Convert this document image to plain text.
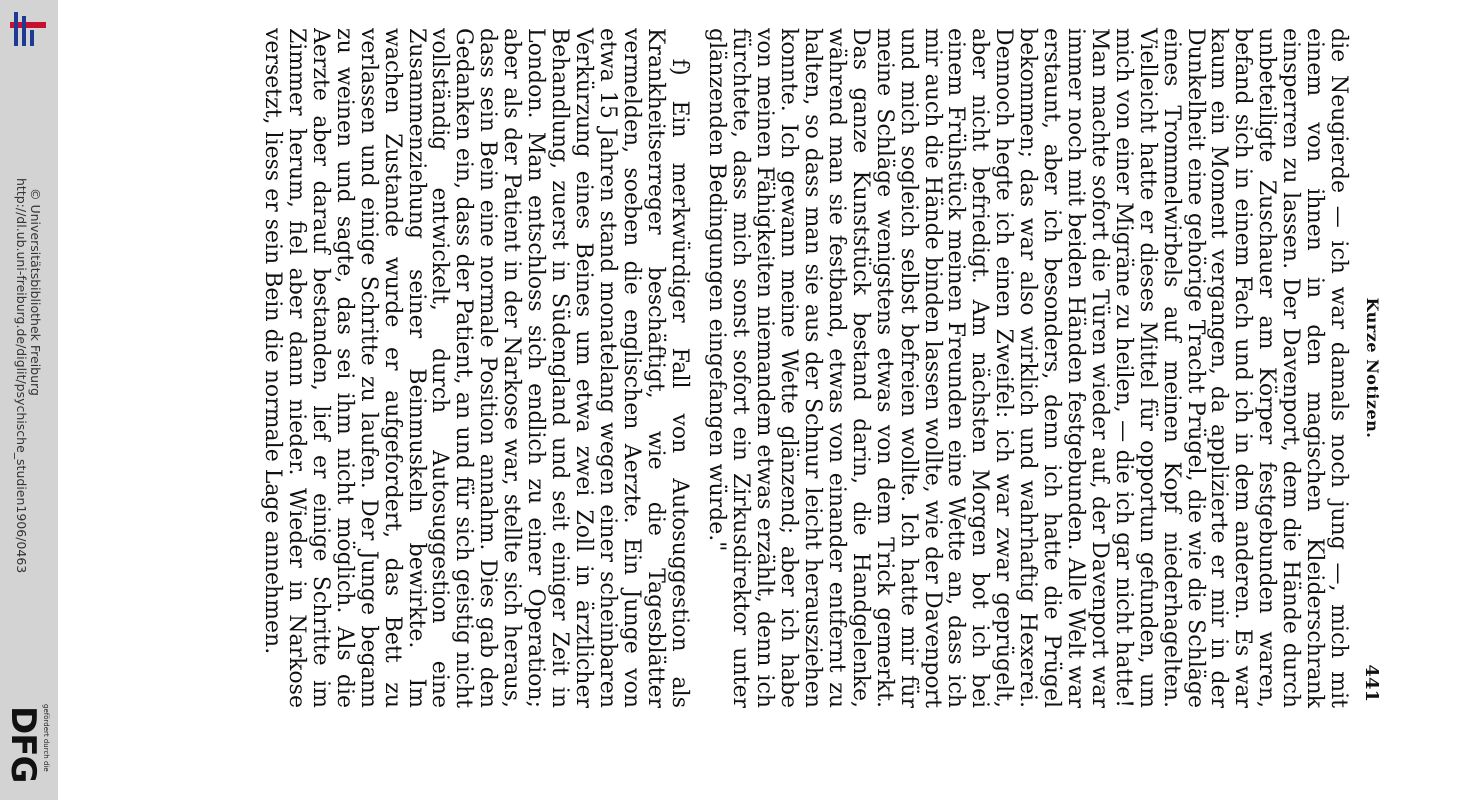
http://dl.ub.uni-freiburg.de/diglit/psychische_studien1906/0463 © Universitätsbibliothek Freiburg
gefördert durch die
DFG
Kurze Notizen.
441

die Neugierde — ich war damals noch jung —, mich mit einem von ihnen in den magischen Kleiderschrank einsperren zu lassen. Der Davenport, dem die Hände durch unbeteiligte Zuschauer am Körper festgebunden waren, befand sich in einem Fach und ich in dem anderen. Es war kaum ein Moment vergangen, da applizierte er mir in der Dunkelheit eine gehörige Tracht Prügel, die wie die Schläge eines Trommelwirbels auf meinen Kopf niederhagelten. Vielleicht hatte er dieses Mittel für opportun gefunden, um mich von einer Migräne zu heilen, — die ich gar nicht hatte! Man machte sofort die Türen wieder auf, der Davenport war immer noch mit beiden Händen festgebunden. Alle Welt war erstaunt, aber ich besonders, denn ich hatte die Prügel bekommen; das war also wirklich und wahrhaftig Hexerei. Dennoch hegte ich einen Zweifel: ich war zwar geprügelt, aber nicht befriedigt. Am nächsten Morgen bot ich bei einem Frühstück meinen Freunden eine Wette an, dass ich mir auch die Hände binden lassen wollte, wie der Davenport und mich sogleich selbst befreien wollte. Ich hatte mir für meine Schläge wenigstens etwas von dem Trick gemerkt. Das ganze Kunststück bestand darin, die Handgelenke, während man sie festband, etwas von einander entfernt zu halten, so dass man sie aus der Schnur leicht herausziehen konnte. Ich gewann meine Wette glänzend; aber ich habe von meinen Fähigkeiten niemandem etwas erzählt, denn ich fürchtete, dass mich sonst sofort ein Zirkusdirektor unter glänzenden Bedingungen eingefangen würde."

f) Ein merkwürdiger Fall von Autosuggestion als Krankheitserreger beschäftigt, wie die Tagesblätter vermelden, soeben die englischen Aerzte. Ein Junge von etwa 15 Jahren stand monatelang wegen einer scheinbaren Verkürzung eines Beines um etwa zwei Zoll in ärztlicher Behandlung, zuerst in Südengland und seit einiger Zeit in London. Man entschloss sich endlich zu einer Operation; aber als der Patient in der Narkose war, stellte sich heraus, dass sein Bein eine normale Position annahm. Dies gab den Gedanken ein, dass der Patient, an und für sich geistig nicht vollständig entwickelt, durch Autosuggestion eine Zusammenziehung seiner Beinmuskeln bewirkte. Im wachen Zustande wurde er aufgefordert, das Bett zu verlassen und einige Schritte zu laufen. Der Junge begann zu weinen und sagte, das sei ihm nicht möglich. Als die Aerzte aber darauf bestanden, lief er einige Schritte im Zimmer herum, fiel aber dann nieder. Wieder in Narkose versetzt, liess er sein Bein die normale Lage annehmen.
